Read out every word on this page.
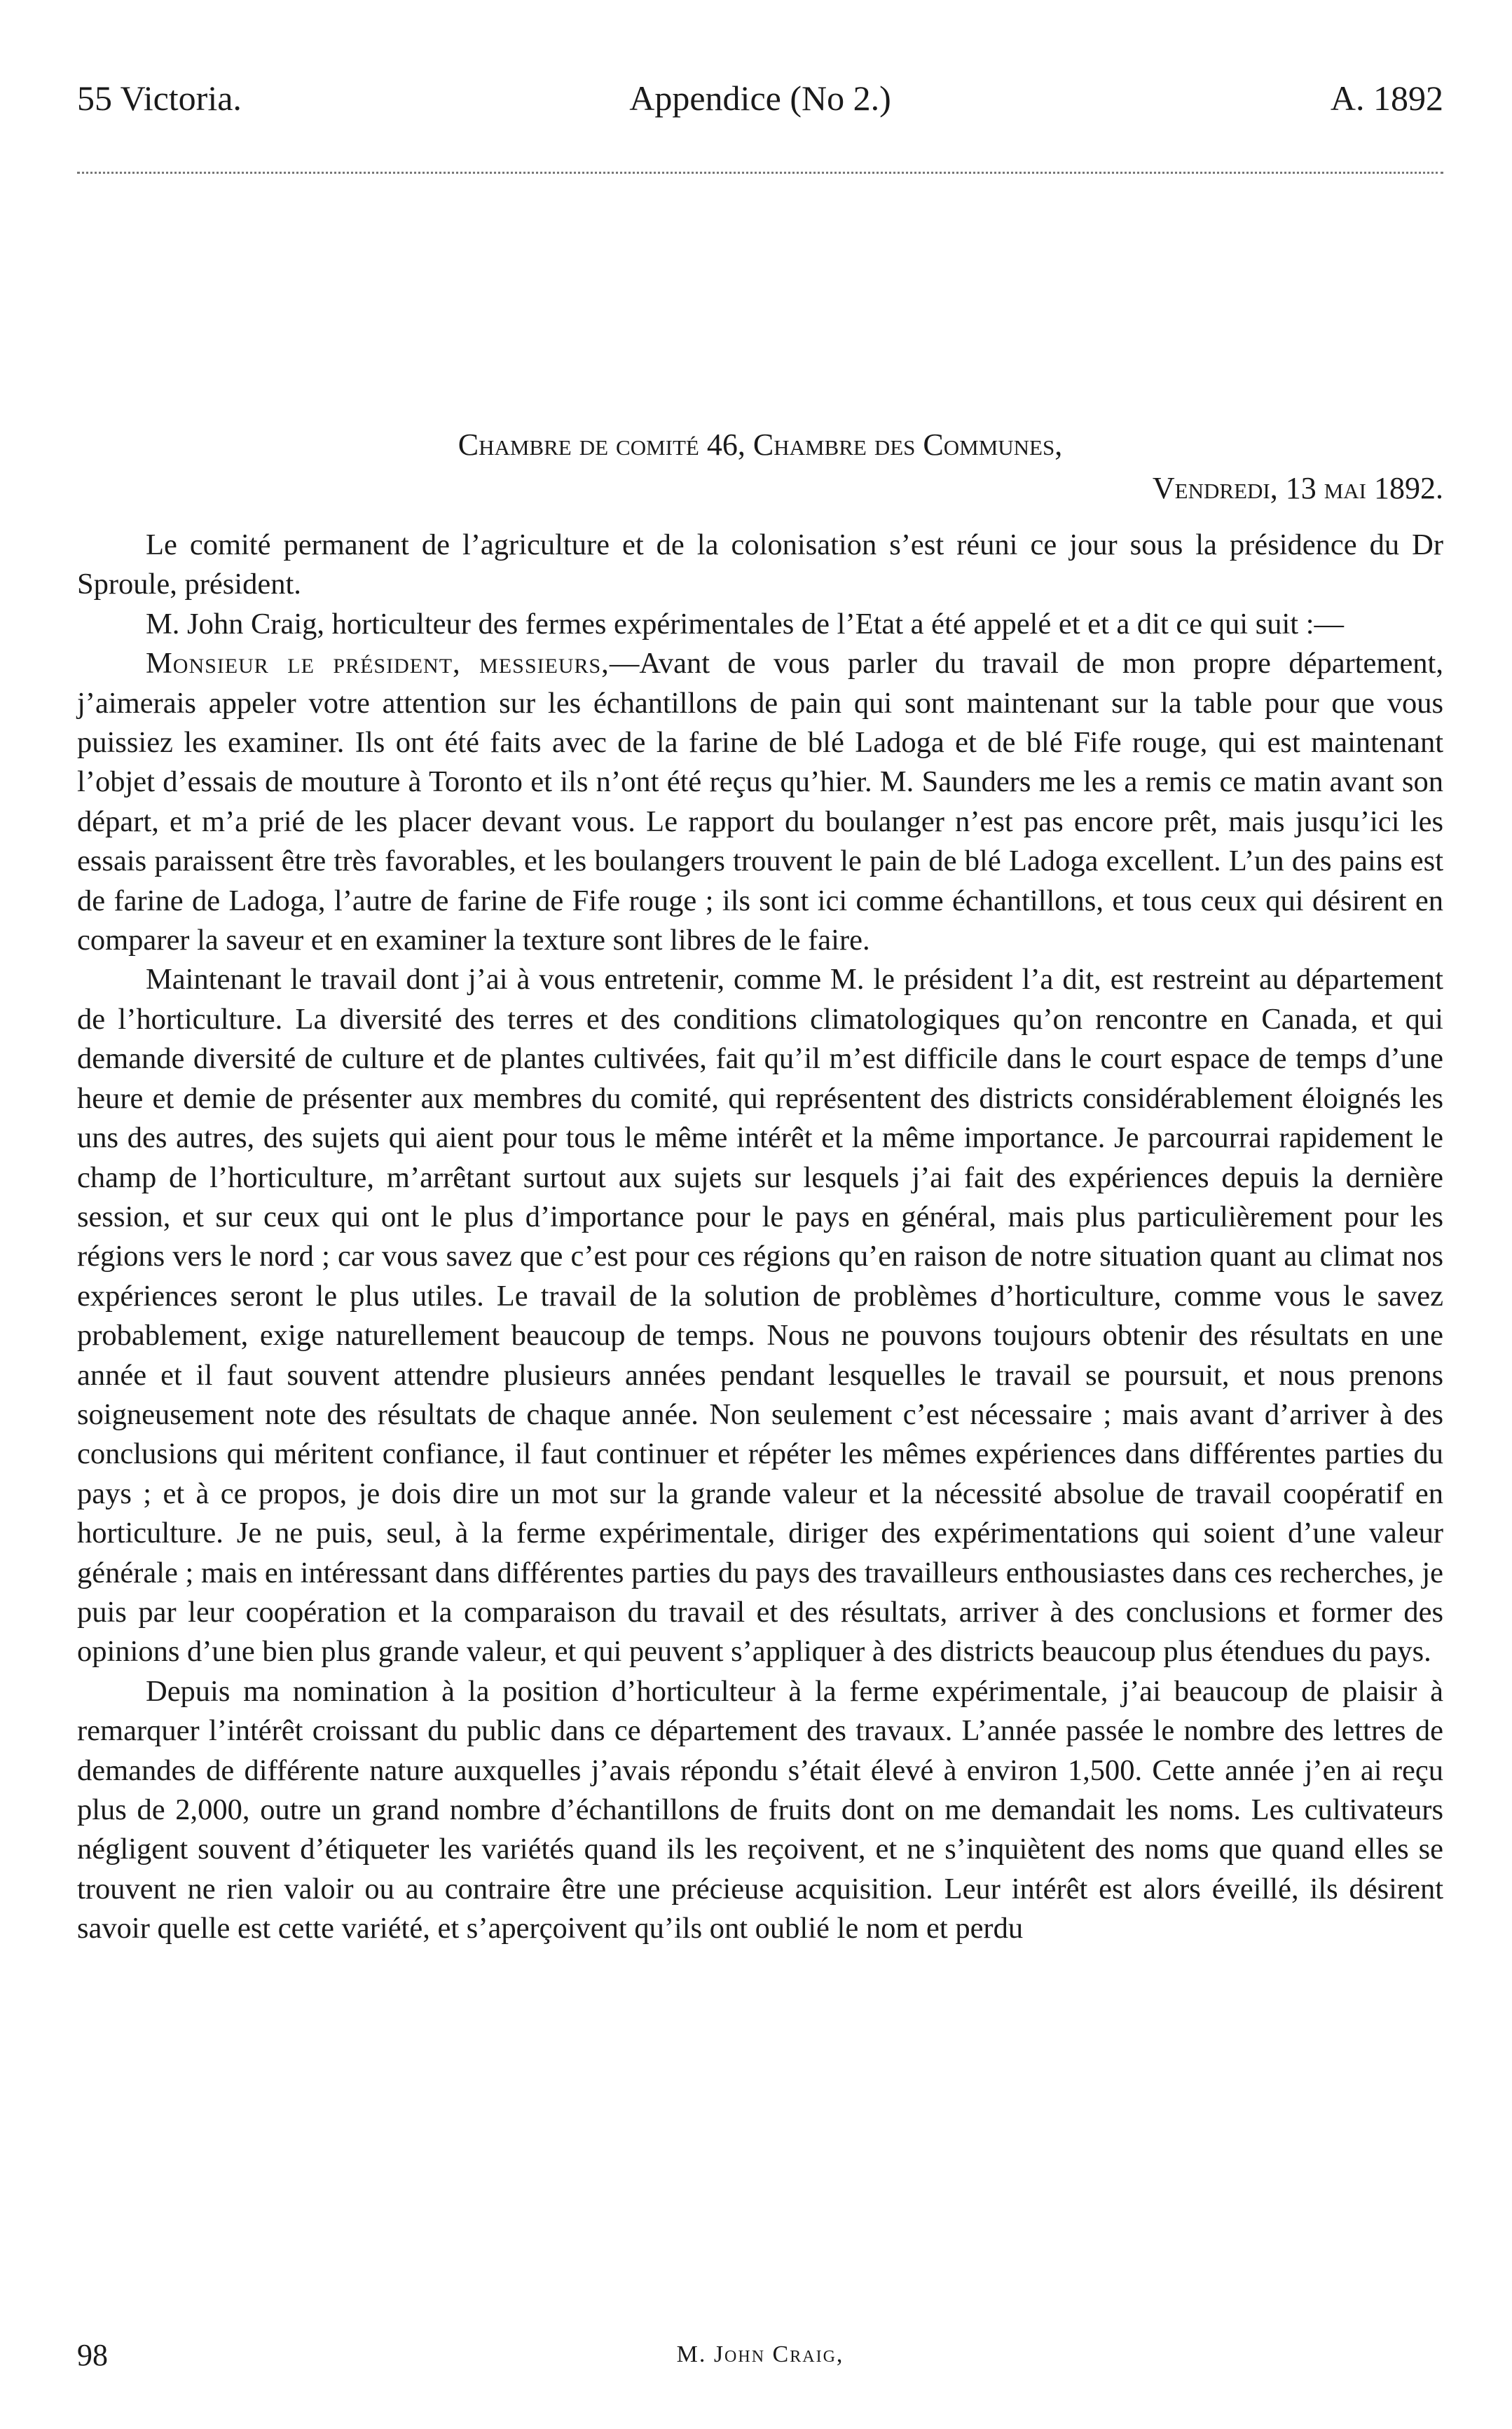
55 Victoria.	Appendice (No 2.)	A. 1892
Chambre de comité 46, Chambre des Communes,
Vendredi, 13 mai 1892.

Le comité permanent de l’agriculture et de la colonisation s’est réuni ce jour sous la présidence du Dr Sproule, président.

M. John Craig, horticulteur des fermes expérimentales de l’Etat a été appelé et et a dit ce qui suit :—

Monsieur le président, messieurs,—Avant de vous parler du travail de mon propre département, j’aimerais appeler votre attention sur les échantillons de pain qui sont maintenant sur la table pour que vous puissiez les examiner. Ils ont été faits avec de la farine de blé Ladoga et de blé Fife rouge, qui est maintenant l’objet d’essais de mouture à Toronto et ils n’ont été reçus qu’hier. M. Saunders me les a remis ce matin avant son départ, et m’a prié de les placer devant vous. Le rapport du boulanger n’est pas encore prêt, mais jusqu’ici les essais paraissent être très favorables, et les boulangers trouvent le pain de blé Ladoga excellent. L’un des pains est de farine de Ladoga, l’autre de farine de Fife rouge ; ils sont ici comme échantillons, et tous ceux qui désirent en comparer la saveur et en examiner la texture sont libres de le faire.

Maintenant le travail dont j’ai à vous entretenir, comme M. le président l’a dit, est restreint au département de l’horticulture. La diversité des terres et des conditions climatologiques qu’on rencontre en Canada, et qui demande diversité de culture et de plantes cultivées, fait qu’il m’est difficile dans le court espace de temps d’une heure et demie de présenter aux membres du comité, qui représentent des districts considérablement éloignés les uns des autres, des sujets qui aient pour tous le même intérêt et la même importance. Je parcourrai rapidement le champ de l’horticulture, m’arrêtant surtout aux sujets sur lesquels j’ai fait des expériences depuis la dernière session, et sur ceux qui ont le plus d’importance pour le pays en général, mais plus particulièrement pour les régions vers le nord ; car vous savez que c’est pour ces régions qu’en raison de notre situation quant au climat nos expériences seront le plus utiles. Le travail de la solution de problèmes d’horticulture, comme vous le savez probablement, exige naturellement beaucoup de temps. Nous ne pouvons toujours obtenir des résultats en une année et il faut souvent attendre plusieurs années pendant lesquelles le travail se poursuit, et nous prenons soigneusement note des résultats de chaque année. Non seulement c’est nécessaire ; mais avant d’arriver à des conclusions qui méritent confiance, il faut continuer et répéter les mêmes expériences dans différentes parties du pays ; et à ce propos, je dois dire un mot sur la grande valeur et la nécessité absolue de travail coopératif en horticulture. Je ne puis, seul, à la ferme expérimentale, diriger des expérimentations qui soient d’une valeur générale ; mais en intéressant dans différentes parties du pays des travailleurs enthousiastes dans ces recherches, je puis par leur coopération et la comparaison du travail et des résultats, arriver à des conclusions et former des opinions d’une bien plus grande valeur, et qui peuvent s’appliquer à des districts beaucoup plus étendues du pays.

Depuis ma nomination à la position d’horticulteur à la ferme expérimentale, j’ai beaucoup de plaisir à remarquer l’intérêt croissant du public dans ce département des travaux. L’année passée le nombre des lettres de demandes de différente nature auxquelles j’avais répondu s’était élevé à environ 1,500. Cette année j’en ai reçu plus de 2,000, outre un grand nombre d’échantillons de fruits dont on me demandait les noms. Les cultivateurs négligent souvent d’étiqueter les variétés quand ils les reçoivent, et ne s’inquiètent des noms que quand elles se trouvent ne rien valoir ou au contraire être une précieuse acquisition. Leur intérêt est alors éveillé, ils désirent savoir quelle est cette variété, et s’aperçoivent qu’ils ont oublié le nom et perdu

98	M. John Craig,
